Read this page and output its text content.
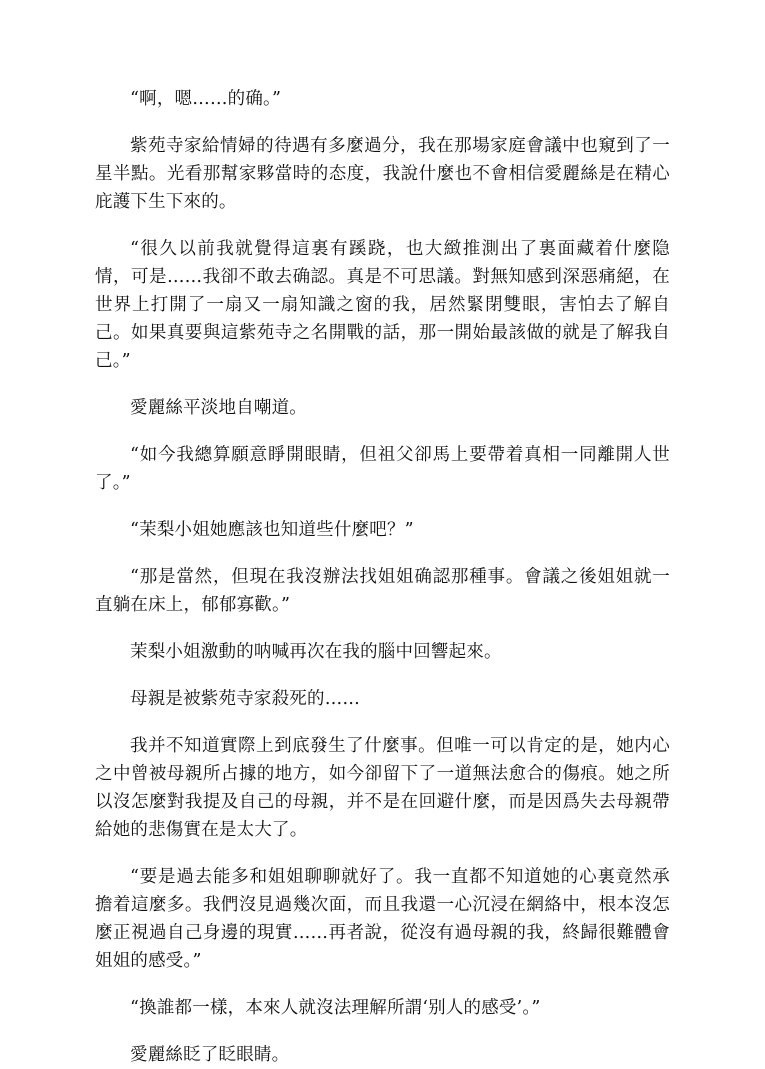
“啊，嗯……的确。”

紫苑寺家給情婦的待遇有多麼過分，我在那場家庭會議中也窺到了一星半點。光看那幫家夥當時的态度，我說什麼也不會相信愛麗絲是在精心庇護下生下來的。

“很久以前我就覺得這裏有蹊跷，也大緻推測出了裏面藏着什麼隐情，可是……我卻不敢去确認。真是不可思議。對無知感到深惡痛絕，在世界上打開了一扇又一扇知識之窗的我，居然緊閉雙眼，害怕去了解自己。如果真要與這紫苑寺之名開戰的話，那一開始最該做的就是了解我自己。”

愛麗絲平淡地自嘲道。

“如今我總算願意睜開眼睛，但祖父卻馬上要帶着真相一同離開人世了。”

“茉梨小姐她應該也知道些什麼吧？”

“那是當然，但現在我沒辦法找姐姐确認那種事。會議之後姐姐就一直躺在床上，郁郁寡歡。”

茉梨小姐激動的呐喊再次在我的腦中回響起來。

母親是被紫苑寺家殺死的……

我并不知道實際上到底發生了什麼事。但唯一可以肯定的是，她内心之中曾被母親所占據的地方，如今卻留下了一道無法愈合的傷痕。她之所以沒怎麼對我提及自己的母親，并不是在回避什麼，而是因爲失去母親帶給她的悲傷實在是太大了。

“要是過去能多和姐姐聊聊就好了。我一直都不知道她的心裏竟然承擔着這麼多。我們沒見過幾次面，而且我還一心沉浸在網絡中，根本沒怎麼正視過自己身邊的現實……再者說，從沒有過母親的我，終歸很難體會姐姐的感受。”

“換誰都一樣，本來人就沒法理解所謂‘别人的感受’。”

愛麗絲眨了眨眼睛。
